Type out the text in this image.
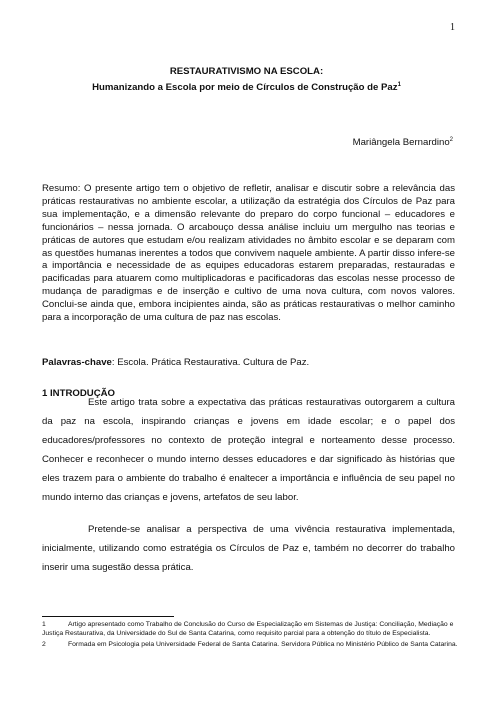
1
RESTAURATIVISMO NA ESCOLA:
Humanizando a Escola por meio de Círculos de Construção de Paz$^1$

Mariângela Bernardino$^2$

Resumo: O presente artigo tem o objetivo de refletir, analisar e discutir sobre a relevância das práticas restaurativas no ambiente escolar, a utilização da estratégia dos Círculos de Paz para sua implementação, e a dimensão relevante do preparo do corpo funcional – educadores e funcionários – nessa jornada. O arcabouço dessa análise incluiu um mergulho nas teorias e práticas de autores que estudam e/ou realizam atividades no âmbito escolar e se deparam com as questões humanas inerentes a todos que convivem naquele ambiente. A partir disso infere-se a importância e necessidade de as equipes educadoras estarem preparadas, restauradas e pacificadas para atuarem como multiplicadoras e pacificadoras das escolas nesse processo de mudança de paradigmas e de inserção e cultivo de uma nova cultura, com novos valores. Conclui-se ainda que, embora incipientes ainda, são as práticas restaurativas o melhor caminho para a incorporação de uma cultura de paz nas escolas.

Palavras-chave: Escola. Prática Restaurativa. Cultura de Paz.

1 INTRODUÇÃO

Este artigo trata sobre a expectativa das práticas restaurativas outorgarem a cultura da paz na escola, inspirando crianças e jovens em idade escolar; e o papel dos educadores/professores no contexto de proteção integral e norteamento desse processo. Conhecer e reconhecer o mundo interno desses educadores e dar significado às histórias que eles trazem para o ambiente do trabalho é enaltecer a importância e influência de seu papel no mundo interno das crianças e jovens, artefatos de seu labor.

Pretende-se analisar a perspectiva de uma vivência restaurativa implementada, inicialmente, utilizando como estratégia os Círculos de Paz e, também no decorrer do trabalho inserir uma sugestão dessa prática.

1	Artigo apresentado como Trabalho de Conclusão do Curso de Especialização em Sistemas de Justiça: Conciliação, Mediação e Justiça Restaurativa, da Universidade do Sul de Santa Catarina, como requisito parcial para a obtenção do título de Especialista.

2	Formada em Psicologia pela Universidade Federal de Santa Catarina. Servidora Pública no Ministério Público de Santa Catarina.
